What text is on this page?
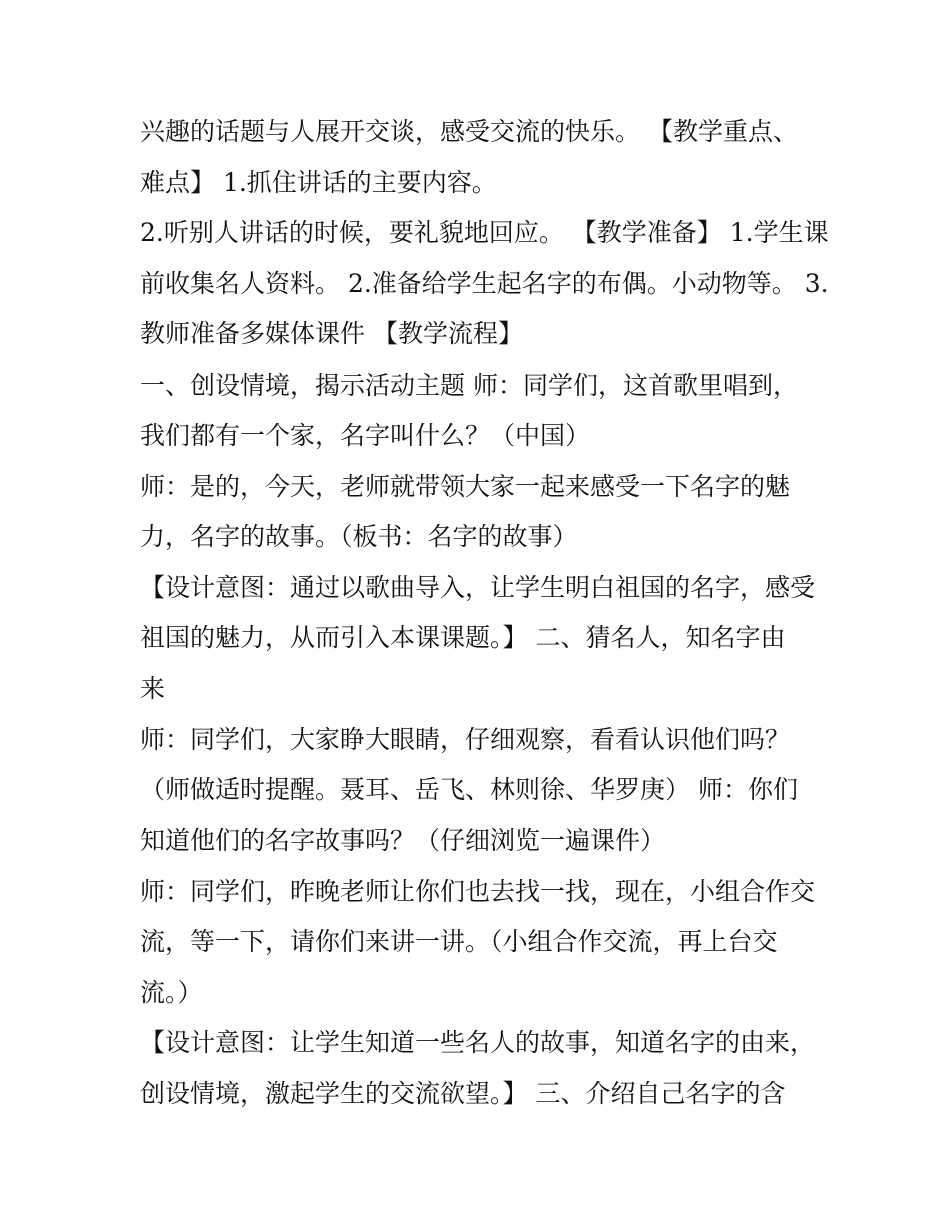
兴趣的话题与人展开交谈，感受交流的快乐。 【教学重点、
难点】 1.抓住讲话的主要内容。
2.听别人讲话的时候，要礼貌地回应。 【教学准备】 1.学生课
前收集名人资料。 2.准备给学生起名字的布偶。小动物等。 3.
教师准备多媒体课件 【教学流程】
一、创设情境，揭示活动主题 师：同学们，这首歌里唱到，
我们都有一个家，名字叫什么？（中国）
师：是的，今天，老师就带领大家一起来感受一下名字的魅
力，名字的故事。（板书：名字的故事）
【设计意图：通过以歌曲导入，让学生明白祖国的名字，感受
祖国的魅力，从而引入本课课题。】 二、猜名人，知名字由
来
师：同学们，大家睁大眼睛，仔细观察，看看认识他们吗？
（师做适时提醒。聂耳、岳飞、林则徐、华罗庚） 师：你们
知道他们的名字故事吗？（仔细浏览一遍课件）
师：同学们，昨晚老师让你们也去找一找，现在，小组合作交
流，等一下，请你们来讲一讲。（小组合作交流，再上台交
流。）
【设计意图：让学生知道一些名人的故事，知道名字的由来，
创设情境，激起学生的交流欲望。】 三、介绍自己名字的含
